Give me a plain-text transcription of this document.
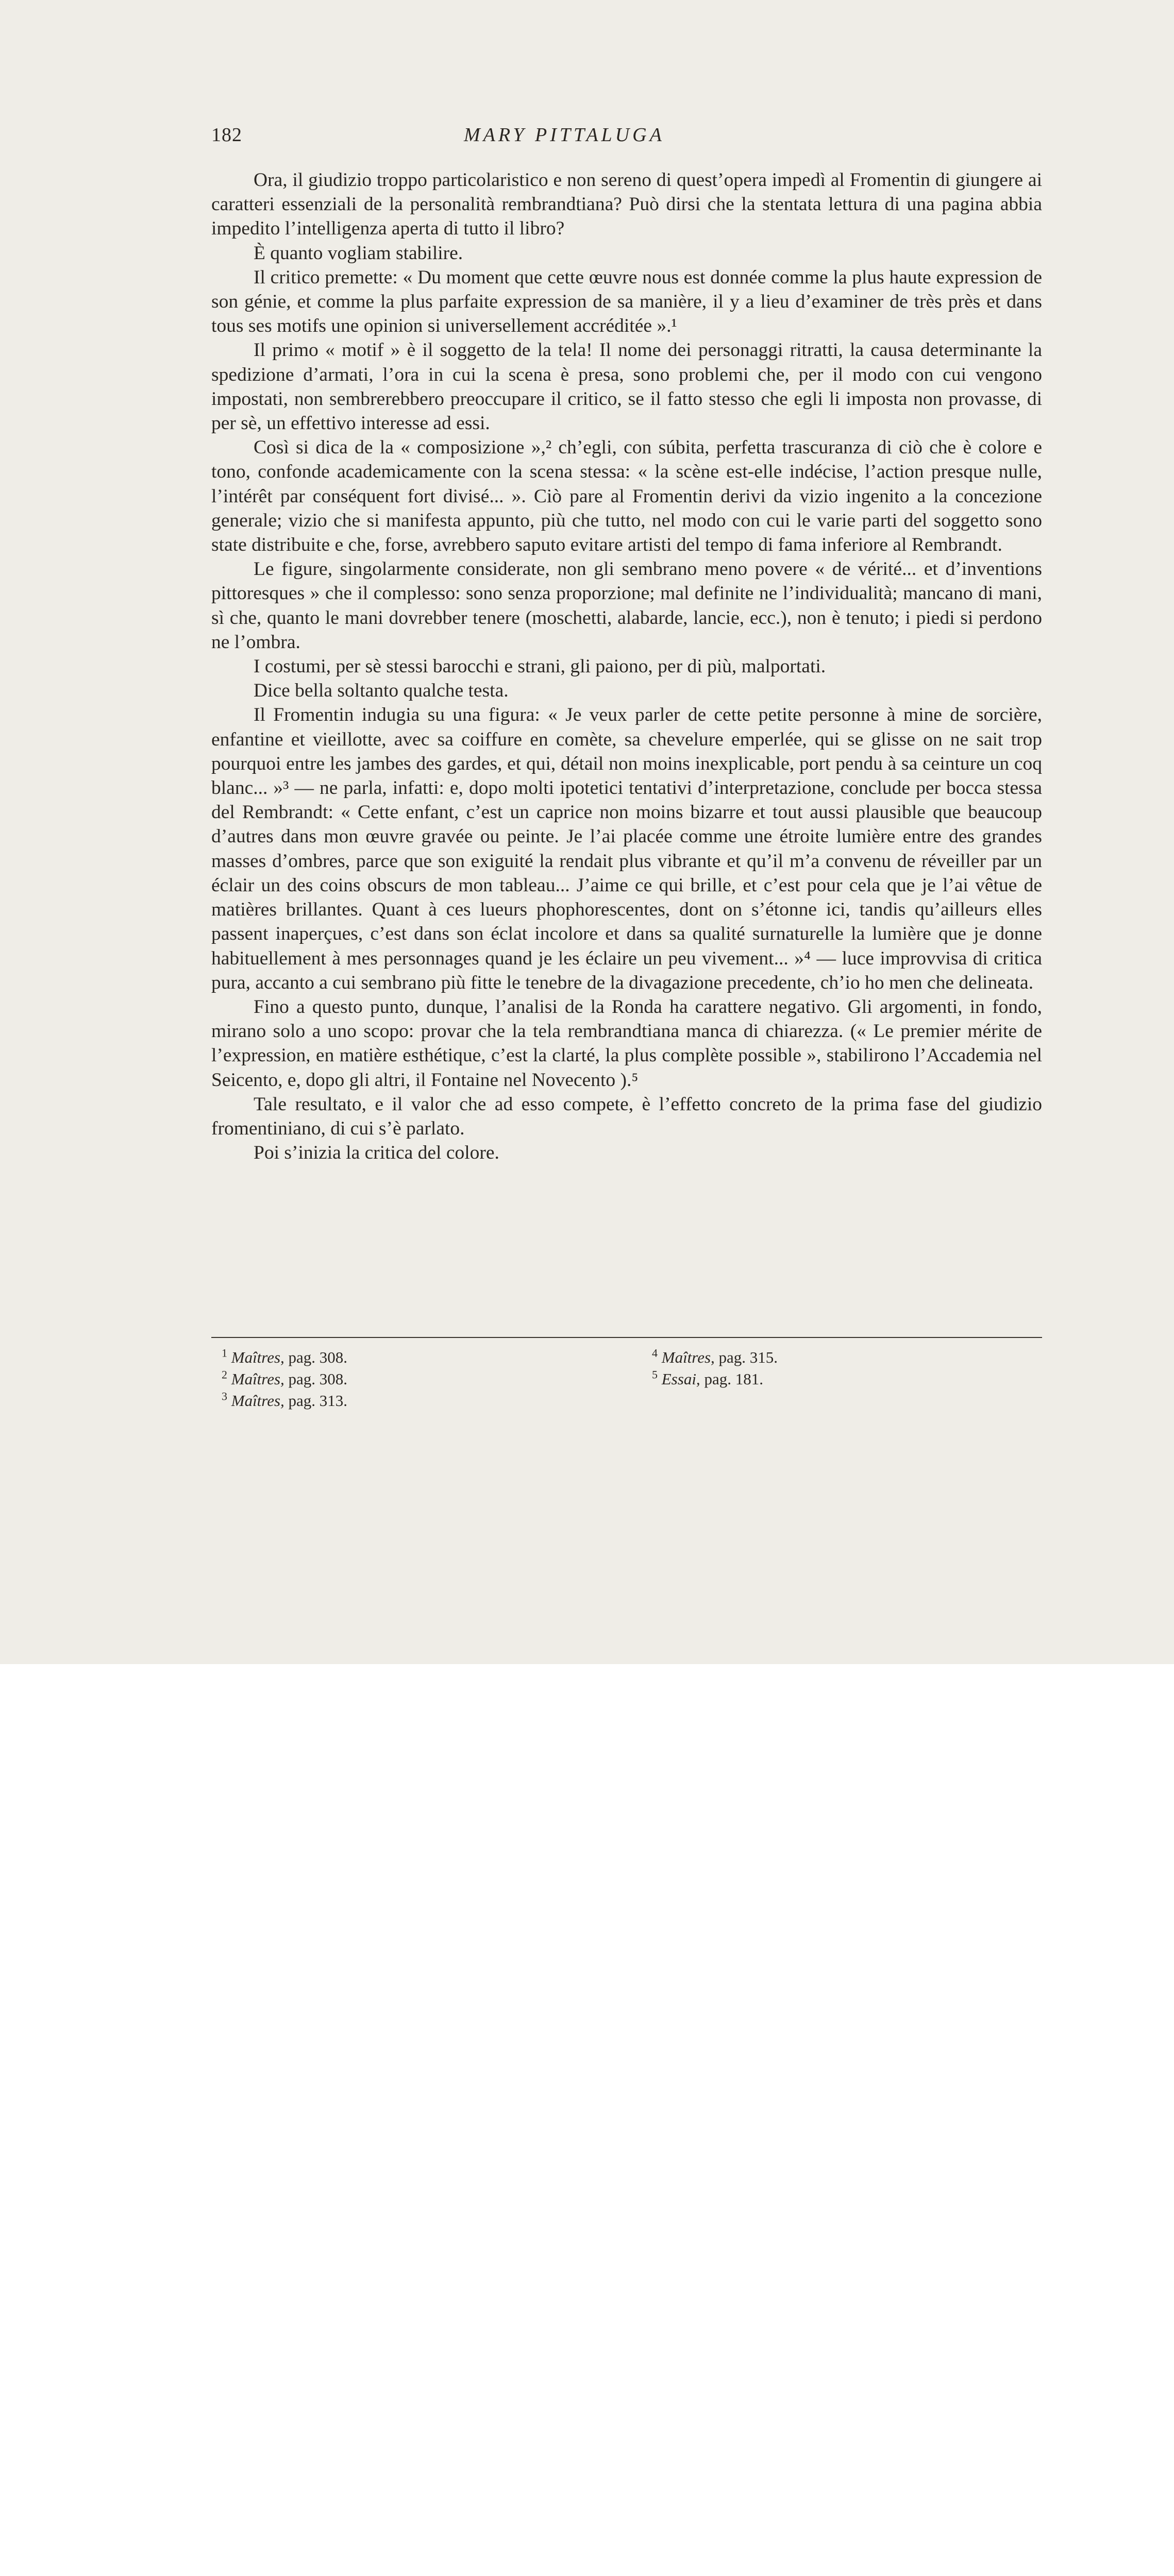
182	MARY PITTALUGA

Ora, il giudizio troppo particolaristico e non sereno di quest’opera impedì al Fromentin di giungere ai caratteri essenziali de la personalità rembrandtiana? Può dirsi che la stentata lettura di una pagina abbia impedito l’intelligenza aperta di tutto il libro?

È quanto vogliam stabilire.

Il critico premette: « Du moment que cette œuvre nous est donnée comme la plus haute expression de son génie, et comme la plus parfaite expression de sa manière, il y a lieu d’examiner de très près et dans tous ses motifs une opinion si universellement accréditée ».¹

Il primo « motif » è il soggetto de la tela! Il nome dei personaggi ritratti, la causa determinante la spedizione d’armati, l’ora in cui la scena è presa, sono problemi che, per il modo con cui vengono impostati, non sembrerebbero preoccupare il critico, se il fatto stesso che egli li imposta non provasse, di per sè, un effettivo interesse ad essi.

Così si dica de la « composizione »,² ch’egli, con súbita, perfetta trascuranza di ciò che è colore e tono, confonde academicamente con la scena stessa: « la scène est-elle indécise, l’action presque nulle, l’intérêt par conséquent fort divisé... ». Ciò pare al Fromentin derivi da vizio ingenito a la concezione generale; vizio che si manifesta appunto, più che tutto, nel modo con cui le varie parti del soggetto sono state distribuite e che, forse, avrebbero saputo evitare artisti del tempo di fama inferiore al Rembrandt.

Le figure, singolarmente considerate, non gli sembrano meno povere « de vérité... et d’inventions pittoresques » che il complesso: sono senza proporzione; mal definite ne l’individualità; mancano di mani, sì che, quanto le mani dovrebber tenere (moschetti, alabarde, lancie, ecc.), non è tenuto; i piedi si perdono ne l’ombra.

I costumi, per sè stessi barocchi e strani, gli paiono, per di più, malportati.

Dice bella soltanto qualche testa.

Il Fromentin indugia su una figura: « Je veux parler de cette petite personne à mine de sorcière, enfantine et vieillotte, avec sa coiffure en comète, sa chevelure emperlée, qui se glisse on ne sait trop pourquoi entre les jambes des gardes, et qui, détail non moins inexplicable, port pendu à sa ceinture un coq blanc... »³ — ne parla, infatti: e, dopo molti ipotetici tentativi d’interpretazione, conclude per bocca stessa del Rembrandt: « Cette enfant, c’est un caprice non moins bizarre et tout aussi plausible que beaucoup d’autres dans mon œuvre gravée ou peinte. Je l’ai placée comme une étroite lumière entre des grandes masses d’ombres, parce que son exiguité la rendait plus vibrante et qu’il m’a convenu de réveiller par un éclair un des coins obscurs de mon tableau... J’aime ce qui brille, et c’est pour cela que je l’ai vêtue de matières brillantes. Quant à ces lueurs phophorescentes, dont on s’étonne ici, tandis qu’ailleurs elles passent inaperçues, c’est dans son éclat incolore et dans sa qualité surnaturelle la lumière que je donne habituellement à mes personnages quand je les éclaire un peu vivement... »⁴ — luce improvvisa di critica pura, accanto a cui sembrano più fitte le tenebre de la divagazione precedente, ch’io ho men che delineata.

Fino a questo punto, dunque, l’analisi de la Ronda ha carattere negativo. Gli argomenti, in fondo, mirano solo a uno scopo: provar che la tela rembrandtiana manca di chiarezza. (« Le premier mérite de l’expression, en matière esthétique, c’est la clarté, la plus complète possible », stabilirono l’Accademia nel Seicento, e, dopo gli altri, il Fontaine nel Novecento ).⁵

Tale resultato, e il valor che ad esso compete, è l’effetto concreto de la prima fase del giudizio fromentiniano, di cui s’è parlato.

Poi s’inizia la critica del colore.

$^1$ Maîtres, pag. 308.
$^2$ Maîtres, pag. 308.
$^3$ Maîtres, pag. 313.
$^4$ Maîtres, pag. 315.
$^5$ Essai, pag. 181.
